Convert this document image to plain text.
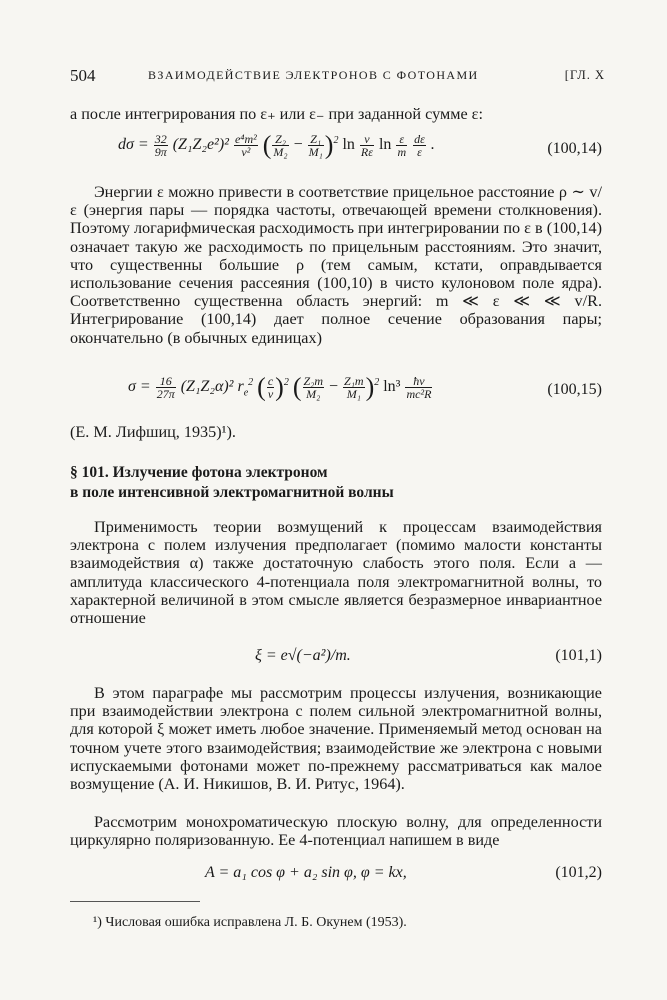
504	ВЗАИМОДЕЙСТВИЕ ЭЛЕКТРОНОВ С ФОТОНАМИ	[ГЛ. X
а после интегрирования по ε₊ или ε₋ при заданной сумме ε:
$d\sigma = \frac{32}{9\pi} (Z_1Z_2e^2)^2 \frac{\text{e⁴m²}}{\text{v²}}$ ( $\frac{\text{Z₂}}{\text{M₂}} - \frac{\text{Z₁}}{\text{M₁}} )^2$ $\ln \frac{v}{R\varepsilon}$ $\ln \frac{\varepsilon}{m}$
$\frac{d\varepsilon}{\varepsilon}$ .	(100,14)
Энергии ε можно привести в соответствие прицельное расстояние ρ ∼ v/ε (энергия пары — порядка частоты, отвечающей времени столкновения). Поэтому логарифмическая расходимость при интегрировании по ε в (100,14) означает такую же расходимость по прицельным расстояниям. Это значит, что существенны большие ρ (тем самым, кстати, оправдывается использование сечения рассеяния (100,10) в чисто кулоновом поле ядра). Соответственно существенна область энергий: m ≪ ε ≪ ≪ v/R. Интегрирование (100,14) дает полное сечение образования пары; окончательно (в обычных единицах)
$\sigma = \frac{16}{27\pi} (Z_1Z_2\alpha)^2$ $r_e^2$ ( $\frac{c}{v} )^2$ ( $\frac{\text{Z₂m}}{\text{M₂}} - \frac{\text{Z₁m}}{\text{M₁}} )^2$ $\ln^3 \frac{ħv}{\text{mc²R}}$	(100,15)
(Е. М. Лифшиц, 1935)¹).
§ 101. Излучение фотона электроном
в поле интенсивной электромагнитной волны
Применимость теории возмущений к процессам взаимодействия электрона с полем излучения предполагает (помимо малости константы взаимодействия α) также достаточную слабость этого поля. Если a — амплитуда классического 4-потенциала поля электромагнитной волны, то характерной величиной в этом смысле является безразмерное инвариантное отношение
ξ = e√(−a²)/m.	(101,1)
В этом параграфе мы рассмотрим процессы излучения, возникающие при взаимодействии электрона с полем сильной электромагнитной волны, для которой ξ может иметь любое значение. Применяемый метод основан на точном учете этого взаимодействия; взаимодействие же электрона с новыми испускаемыми фотонами может по-прежнему рассматриваться как малое возмущение (А. И. Никишов, В. И. Ритус, 1964).
Рассмотрим монохроматическую плоскую волну, для определенности циркулярно поляризованную. Ее 4-потенциал напишем в виде
A = a₁ cos φ + a₂ sin φ, φ = kx,	(101,2)
¹) Числовая ошибка исправлена Л. Б. Окунем (1953).
